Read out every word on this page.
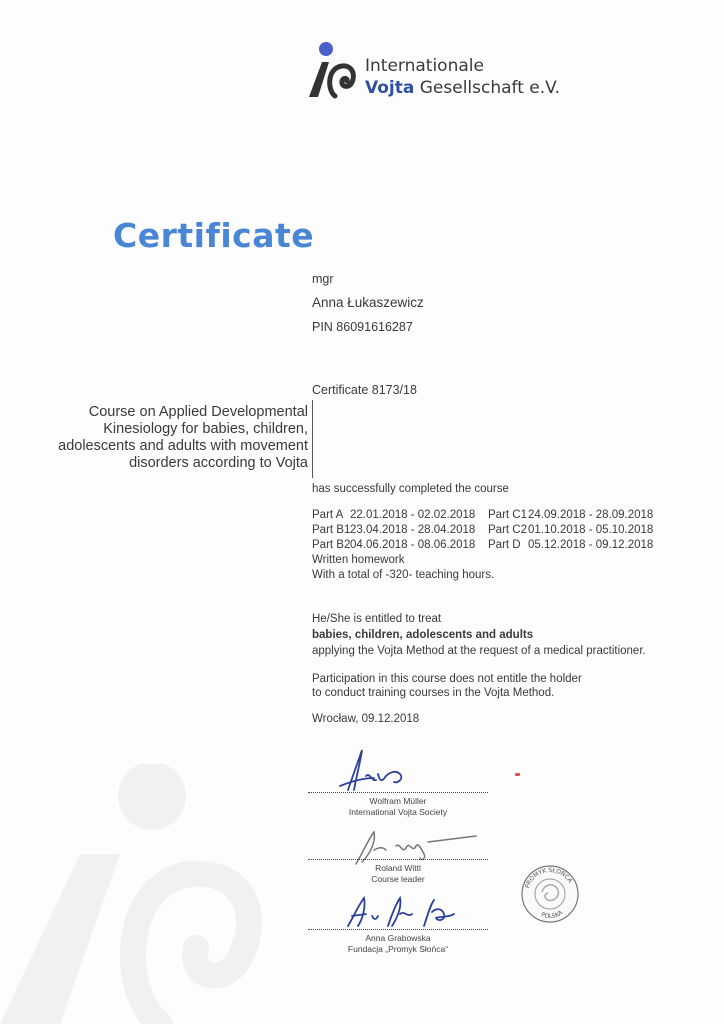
Internationale
Vojta Gesellschaft e.V.
Certificate
mgr
Anna Łukaszewicz
PIN 86091616287
Certificate 8173/18
Course on Applied Developmental
Kinesiology for babies, children,
adolescents and adults with movement
disorders according to Vojta
has successfully completed the course
Part A 22.01.2018 - 02.02.2018	Part C1 24.09.2018 - 28.09.2018
Part B1 23.04.2018 - 28.04.2018	Part C2 01.10.2018 - 05.10.2018
Part B2 04.06.2018 - 08.06.2018	Part D 05.12.2018 - 09.12.2018
Written homework
With a total of -320- teaching hours.
He/She is entitled to treat
babies, children, adolescents and adults
applying the Vojta Method at the request of a medical practitioner.
Participation in this course does not entitle the holder
to conduct training courses in the Vojta Method.
Wrocław, 09.12.2018
Wolfram Müller
International Vojta Society
Roland Wittl
Course leader
Anna Grabowska
Fundacja „Promyk Słońca“
PROMYK SŁOŃCA
POLSKA
